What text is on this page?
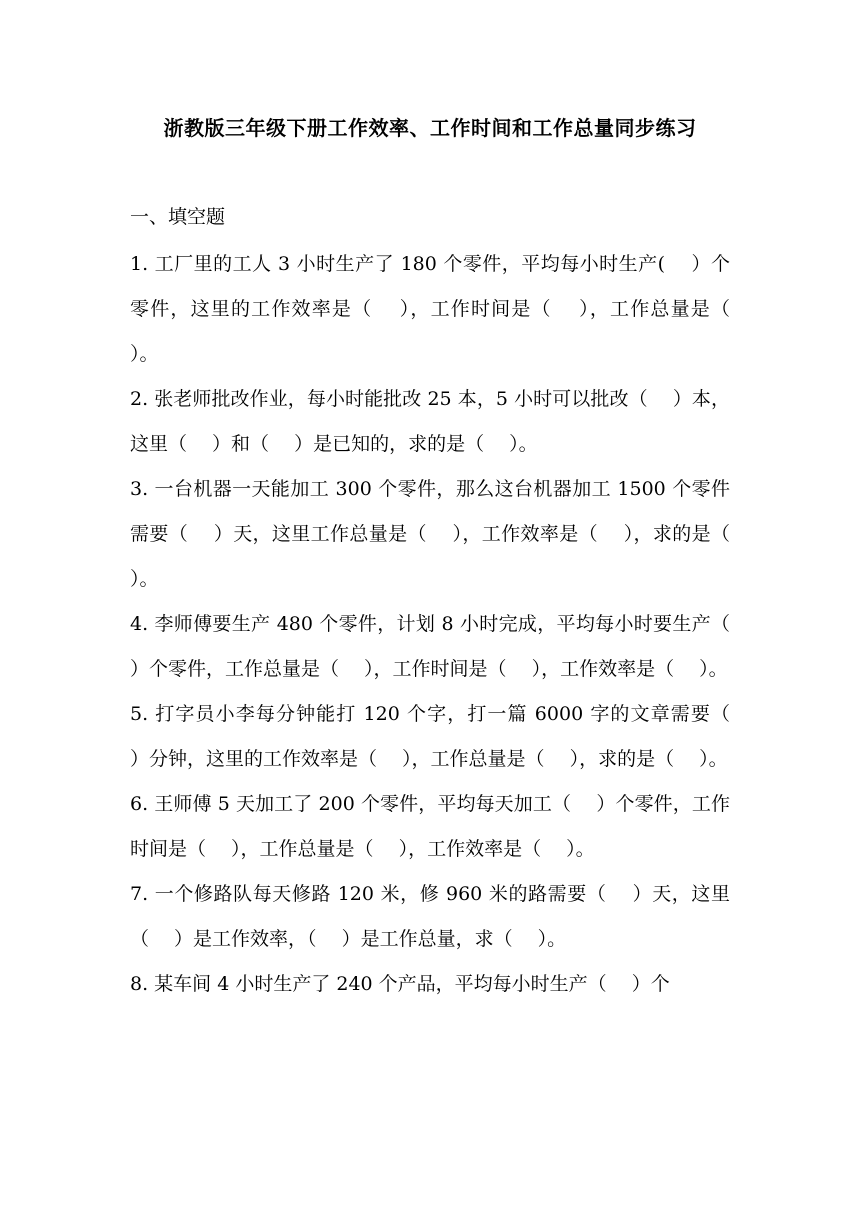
浙教版三年级下册工作效率、工作时间和工作总量同步练习
一、填空题

1. 工厂里的工人 3 小时生产了 180 个零件，平均每小时生产(　 ）个零件，这里的工作效率是（　 ），工作时间是（　 ），工作总量是（　 ）。

2. 张老师批改作业，每小时能批改 25 本，5 小时可以批改（　 ）本，这里（　 ）和（　 ）是已知的，求的是（　 ）。

3. 一台机器一天能加工 300 个零件，那么这台机器加工 1500 个零件需要（　 ）天，这里工作总量是（　 ），工作效率是（　 ），求的是（　 ）。

4. 李师傅要生产 480 个零件，计划 8 小时完成，平均每小时要生产（　 ）个零件，工作总量是（　 ），工作时间是（　 ），工作效率是（　 ）。

5. 打字员小李每分钟能打 120 个字，打一篇 6000 字的文章需要（　 ）分钟，这里的工作效率是（　 ），工作总量是（　 ），求的是（　 ）。

6. 王师傅 5 天加工了 200 个零件，平均每天加工（　 ）个零件，工作时间是（　 ），工作总量是（　 ），工作效率是（　 ）。

7. 一个修路队每天修路 120 米，修 960 米的路需要（　 ）天，这里（　 ）是工作效率，（　 ）是工作总量，求（　 ）。

8. 某车间 4 小时生产了 240 个产品，平均每小时生产（　 ）个
